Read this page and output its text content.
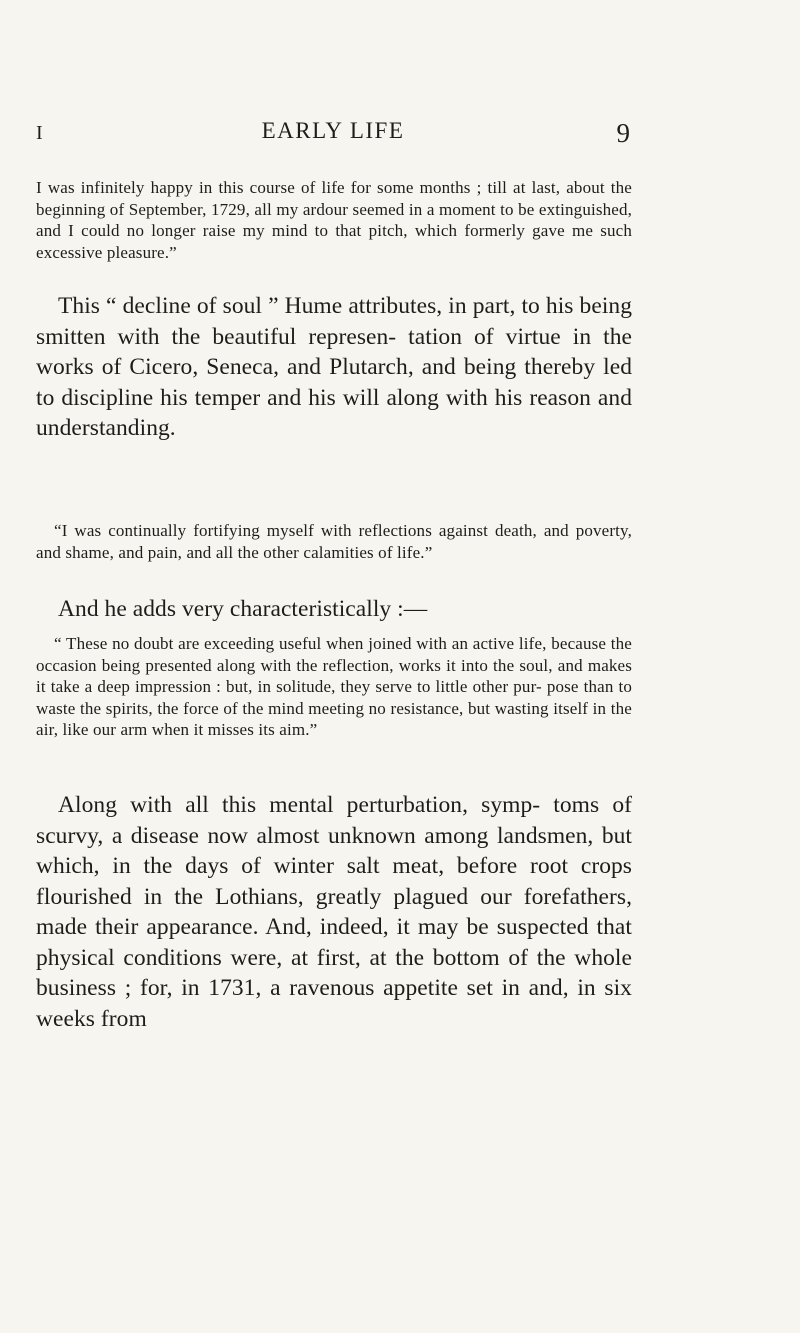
I	EARLY LIFE	9
I was infinitely happy in this course of life for some months ; till at last, about the beginning of September, 1729, all my ardour seemed in a moment to be extinguished, and I could no longer raise my mind to that pitch, which formerly gave me such excessive pleasure.”
This “ decline of soul ” Hume attributes, in part, to his being smitten with the beautiful represen- tation of virtue in the works of Cicero, Seneca, and Plutarch, and being thereby led to discipline his temper and his will along with his reason and understanding.
“I was continually fortifying myself with reflections against death, and poverty, and shame, and pain, and all the other calamities of life.”
And he adds very characteristically :—
“ These no doubt are exceeding useful when joined with an active life, because the occasion being presented along with the reflection, works it into the soul, and makes it take a deep impression : but, in solitude, they serve to little other pur- pose than to waste the spirits, the force of the mind meeting no resistance, but wasting itself in the air, like our arm when it misses its aim.”
Along with all this mental perturbation, symp- toms of scurvy, a disease now almost unknown among landsmen, but which, in the days of winter salt meat, before root crops flourished in the Lothians, greatly plagued our forefathers, made their appearance. And, indeed, it may be suspected that physical conditions were, at first, at the bottom of the whole business ; for, in 1731, a ravenous appetite set in and, in six weeks from
